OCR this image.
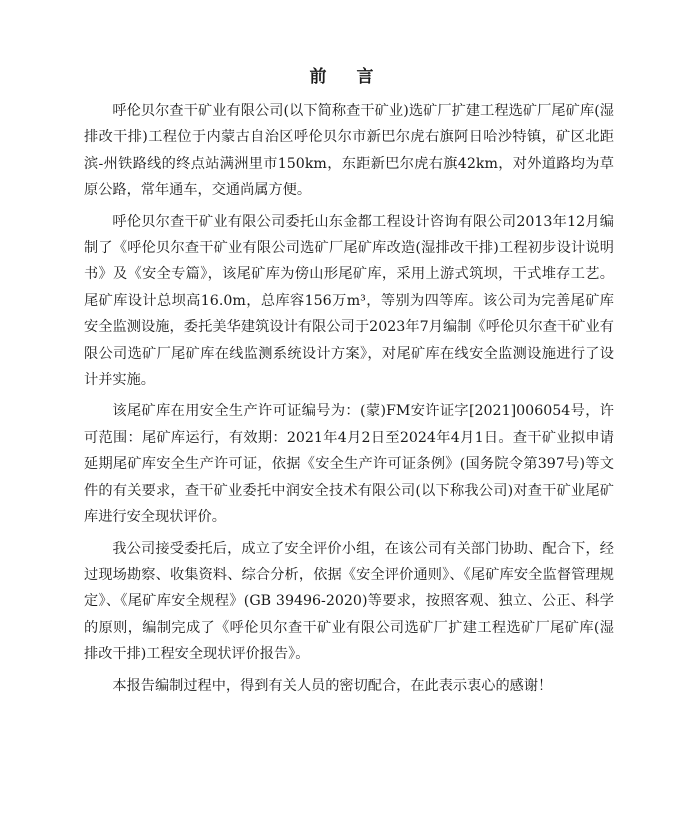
前 言

呼伦贝尔查干矿业有限公司(以下简称查干矿业)选矿厂扩建工程选矿厂尾矿库(湿排改干排)工程位于内蒙古自治区呼伦贝尔市新巴尔虎右旗阿日哈沙特镇，矿区北距滨-州铁路线的终点站满洲里市150km，东距新巴尔虎右旗42km，对外道路均为草原公路，常年通车，交通尚属方便。

呼伦贝尔查干矿业有限公司委托山东金都工程设计咨询有限公司2013年12月编制了《呼伦贝尔查干矿业有限公司选矿厂尾矿库改造(湿排改干排)工程初步设计说明书》及《安全专篇》，该尾矿库为傍山形尾矿库，采用上游式筑坝，干式堆存工艺。尾矿库设计总坝高16.0m，总库容156万m³，等别为四等库。该公司为完善尾矿库安全监测设施，委托美华建筑设计有限公司于2023年7月编制《呼伦贝尔查干矿业有限公司选矿厂尾矿库在线监测系统设计方案》，对尾矿库在线安全监测设施进行了设计并实施。

该尾矿库在用安全生产许可证编号为：(蒙)FM安许证字[2021]006054号，许可范围：尾矿库运行，有效期：2021年4月2日至2024年4月1日。查干矿业拟申请延期尾矿库安全生产许可证，依据《安全生产许可证条例》(国务院令第397号)等文件的有关要求，查干矿业委托中润安全技术有限公司(以下称我公司)对查干矿业尾矿库进行安全现状评价。

我公司接受委托后，成立了安全评价小组，在该公司有关部门协助、配合下，经过现场勘察、收集资料、综合分析，依据《安全评价通则》、《尾矿库安全监督管理规定》、《尾矿库安全规程》(GB 39496-2020)等要求，按照客观、独立、公正、科学的原则，编制完成了《呼伦贝尔查干矿业有限公司选矿厂扩建工程选矿厂尾矿库(湿排改干排)工程安全现状评价报告》。

本报告编制过程中，得到有关人员的密切配合，在此表示衷心的感谢！
